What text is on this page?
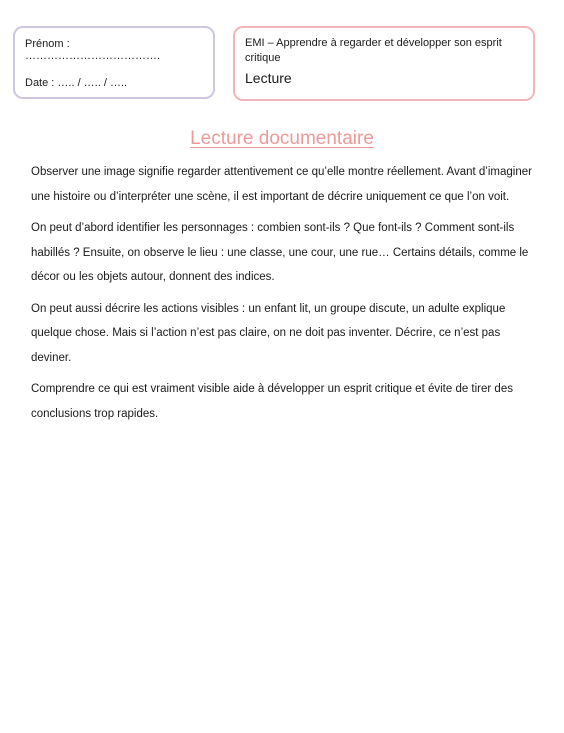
Prénom : ……………………………….
Date : ….. / ….. / …..
EMI – Apprendre à regarder et développer son esprit critique
Lecture
Lecture documentaire

Observer une image signifie regarder attentivement ce qu’elle montre réellement. Avant d’imaginer une histoire ou d’interpréter une scène, il est important de décrire uniquement ce que l’on voit.

On peut d’abord identifier les personnages : combien sont-ils ? Que font-ils ? Comment sont-ils habillés ? Ensuite, on observe le lieu : une classe, une cour, une rue… Certains détails, comme le décor ou les objets autour, donnent des indices.

On peut aussi décrire les actions visibles : un enfant lit, un groupe discute, un adulte explique quelque chose. Mais si l’action n’est pas claire, on ne doit pas inventer. Décrire, ce n’est pas deviner.

Comprendre ce qui est vraiment visible aide à développer un esprit critique et évite de tirer des conclusions trop rapides.
